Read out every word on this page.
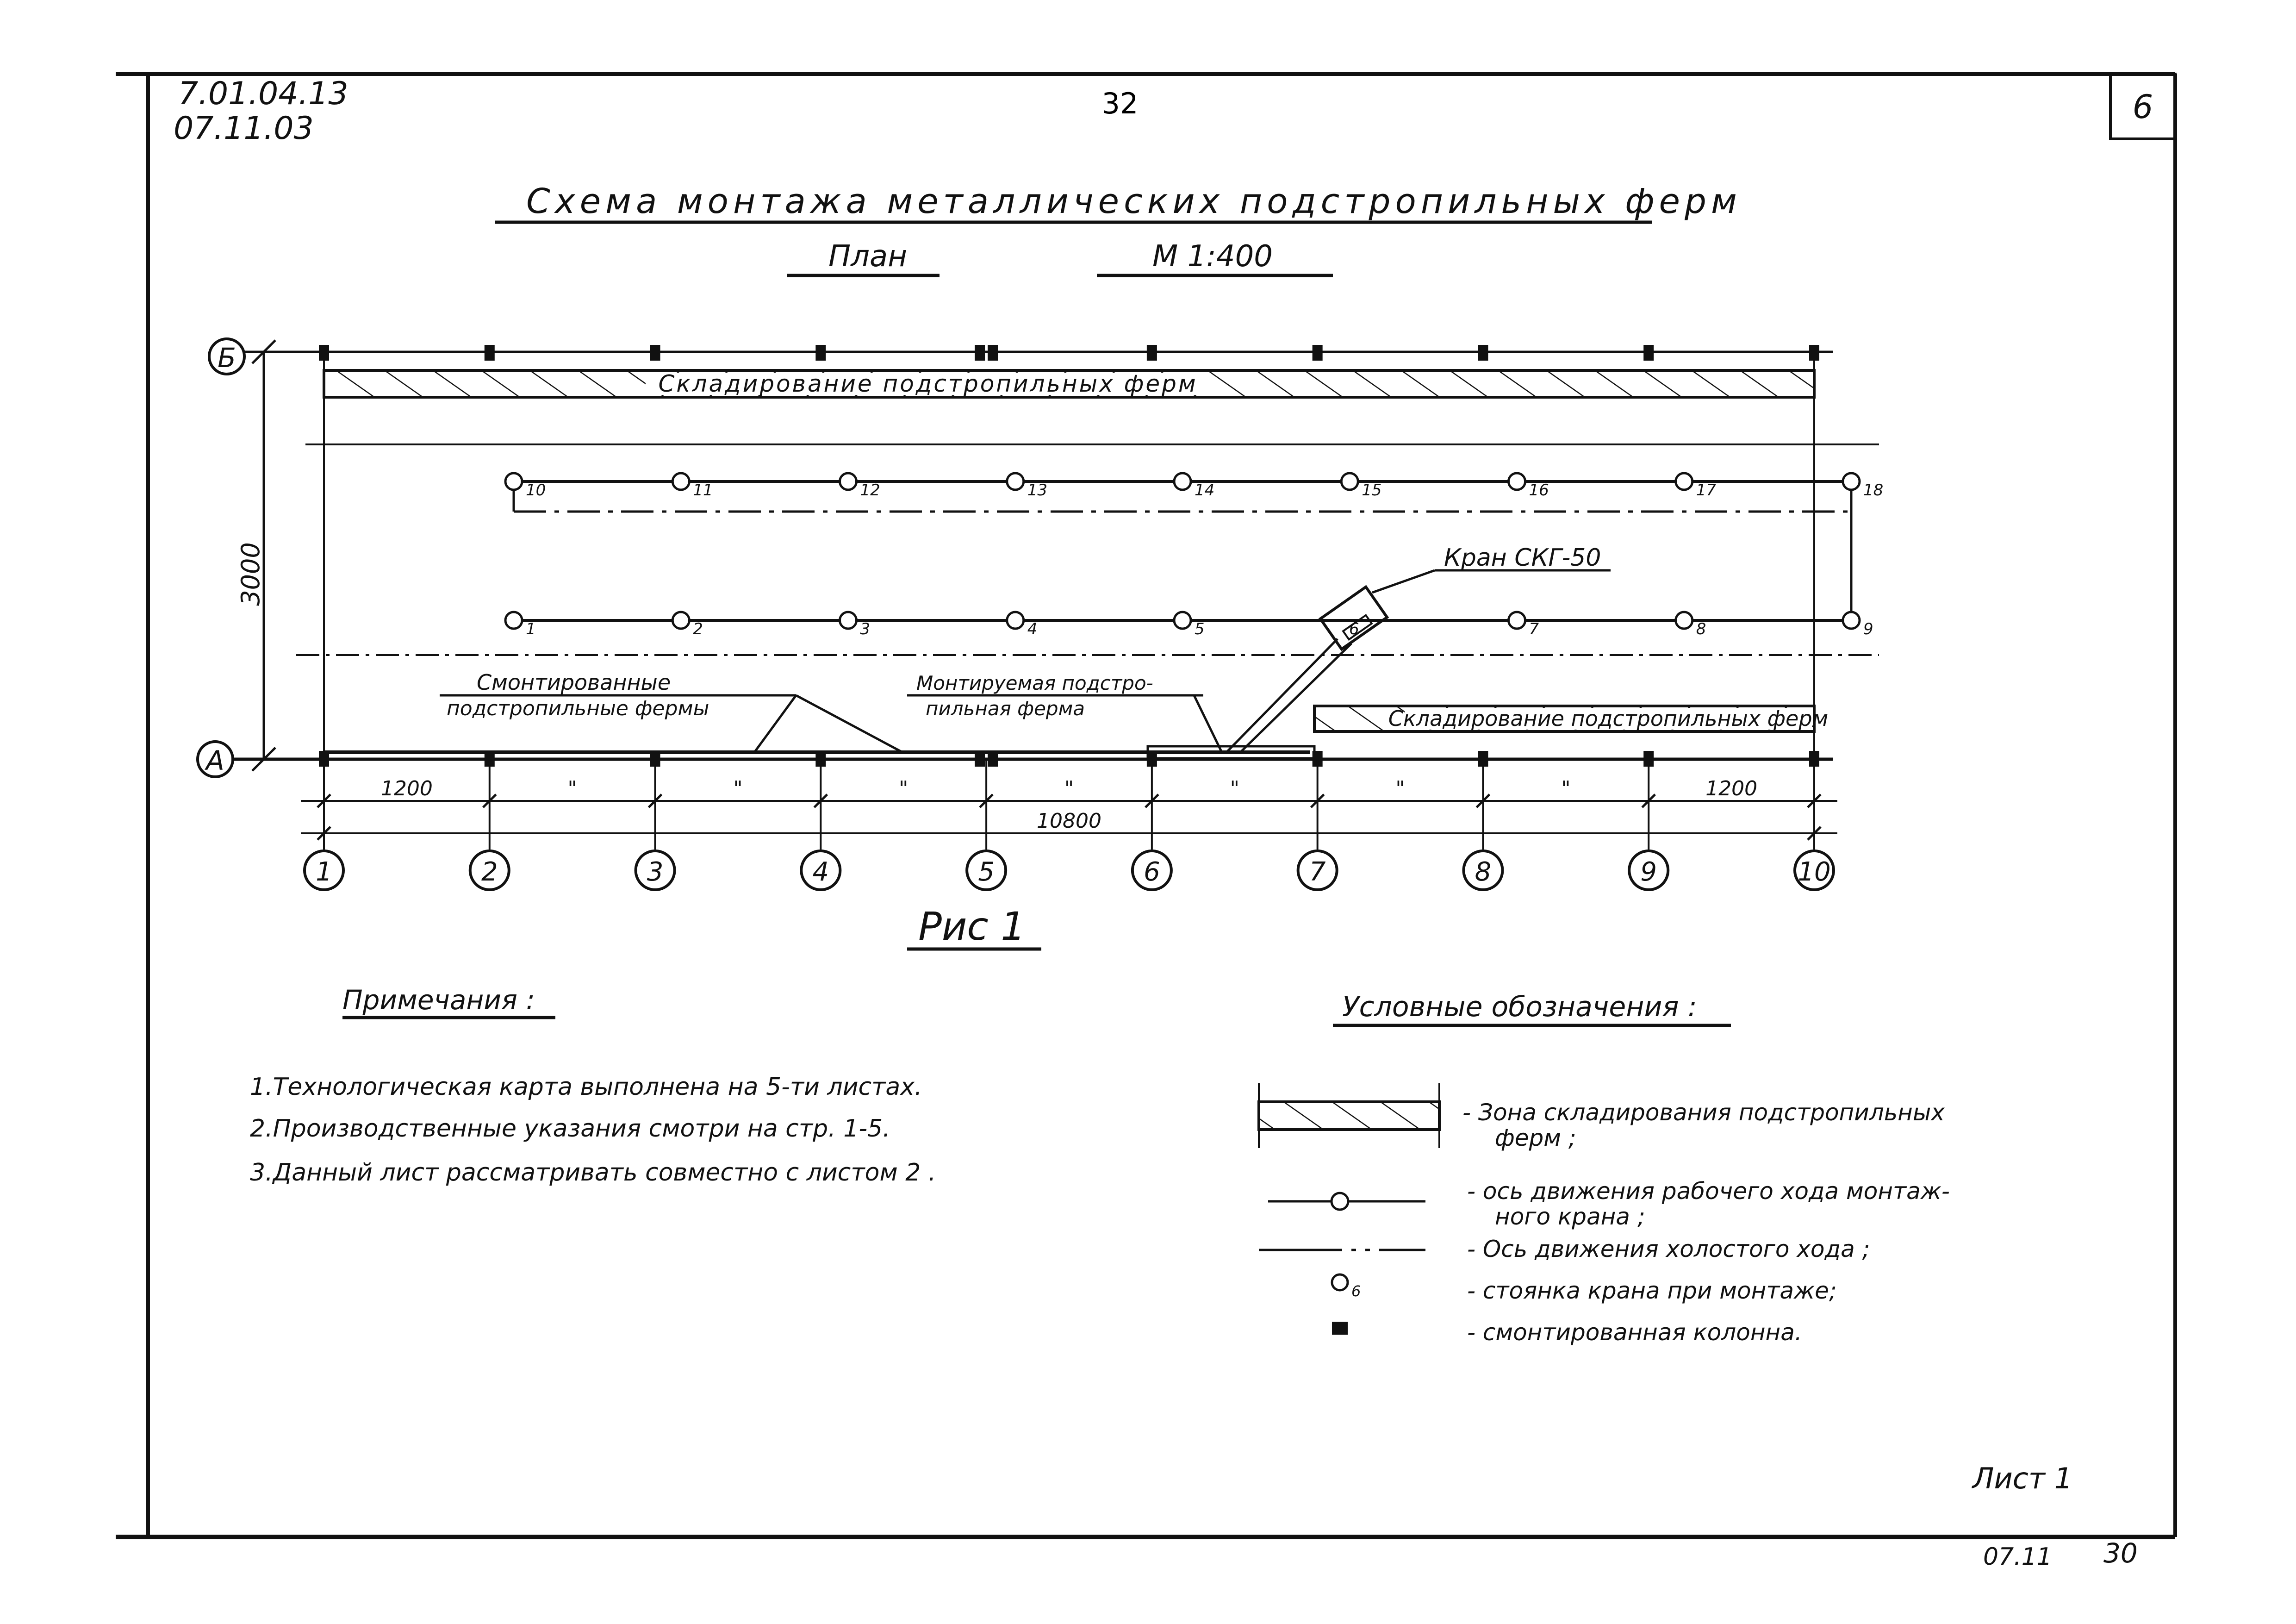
7.01.04.13
07.11.03
32	6
Схема монтажа металлических подстропильных ферм
План	М 1:400
Б
А
3000
Складирование подстропильных ферм
10	11	12	13	14	15	16	17	18
1	2	3	4	5	7	8	9
1	2	3	4	5	6	7	8	9	10
1200	"	"	"	"	"	"	"	1200
10800
Складирование подстропильных ферм
6
Кран СКГ-50
Смонтированные
подстропильные фермы
Монтируемая подстро-
пильная ферма
Рис 1
Примечания :
1.Технологическая карта выполнена на 5-ти листах.
2.Производственные указания смотри на стр. 1-5.
3.Данный лист рассматривать совместно с листом 2 .
Условные обозначения :
- Зона складирования подстропильных
ферм ;
- ось движения рабочего хода монтаж-
ного крана ;
- Ось движения холостого хода ;
6	- стоянка крана при монтаже;
- смонтированная колонна.
Лист 1
07.11 30
